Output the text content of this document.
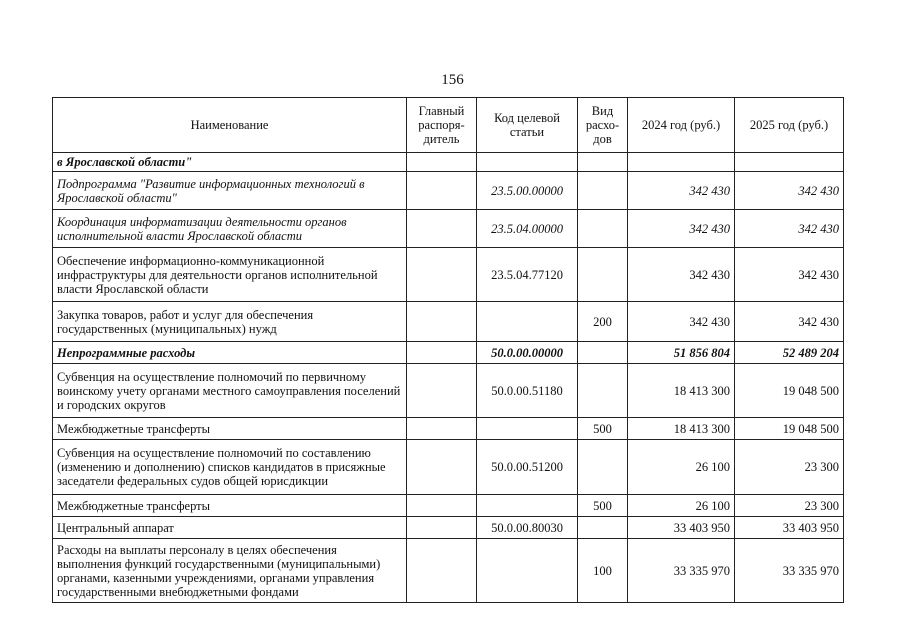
156
Наименование	Главный распоря-дитель	Код целевой статьи	Вид расхо-дов	2024 год (руб.)	2025 год (руб.)
в Ярославской области"					
Подпрограмма "Развитие информационных технологий в Ярославской области"		23.5.00.00000		342 430	342 430
Координация информатизации деятельности органов исполнительной власти Ярославской области		23.5.04.00000		342 430	342 430
Обеспечение информационно-коммуникационной инфраструктуры для деятельности органов исполнительной власти Ярославской области		23.5.04.77120		342 430	342 430
Закупка товаров, работ и услуг для обеспечения государственных (муниципальных) нужд			200	342 430	342 430
Непрограммные расходы		50.0.00.00000		51 856 804	52 489 204
Субвенция на осуществление полномочий по первичному воинскому учету органами местного самоуправления поселений и городских округов		50.0.00.51180		18 413 300	19 048 500
Межбюджетные трансферты			500	18 413 300	19 048 500
Субвенция на осуществление полномочий по составлению (изменению и дополнению) списков кандидатов в присяжные заседатели федеральных судов общей юрисдикции		50.0.00.51200		26 100	23 300
Межбюджетные трансферты			500	26 100	23 300
Центральный аппарат		50.0.00.80030		33 403 950	33 403 950
Расходы на выплаты персоналу в целях обеспечения выполнения функций государственными (муниципальными) органами, казенными учреждениями, органами управления государственными внебюджетными фондами			100	33 335 970	33 335 970
